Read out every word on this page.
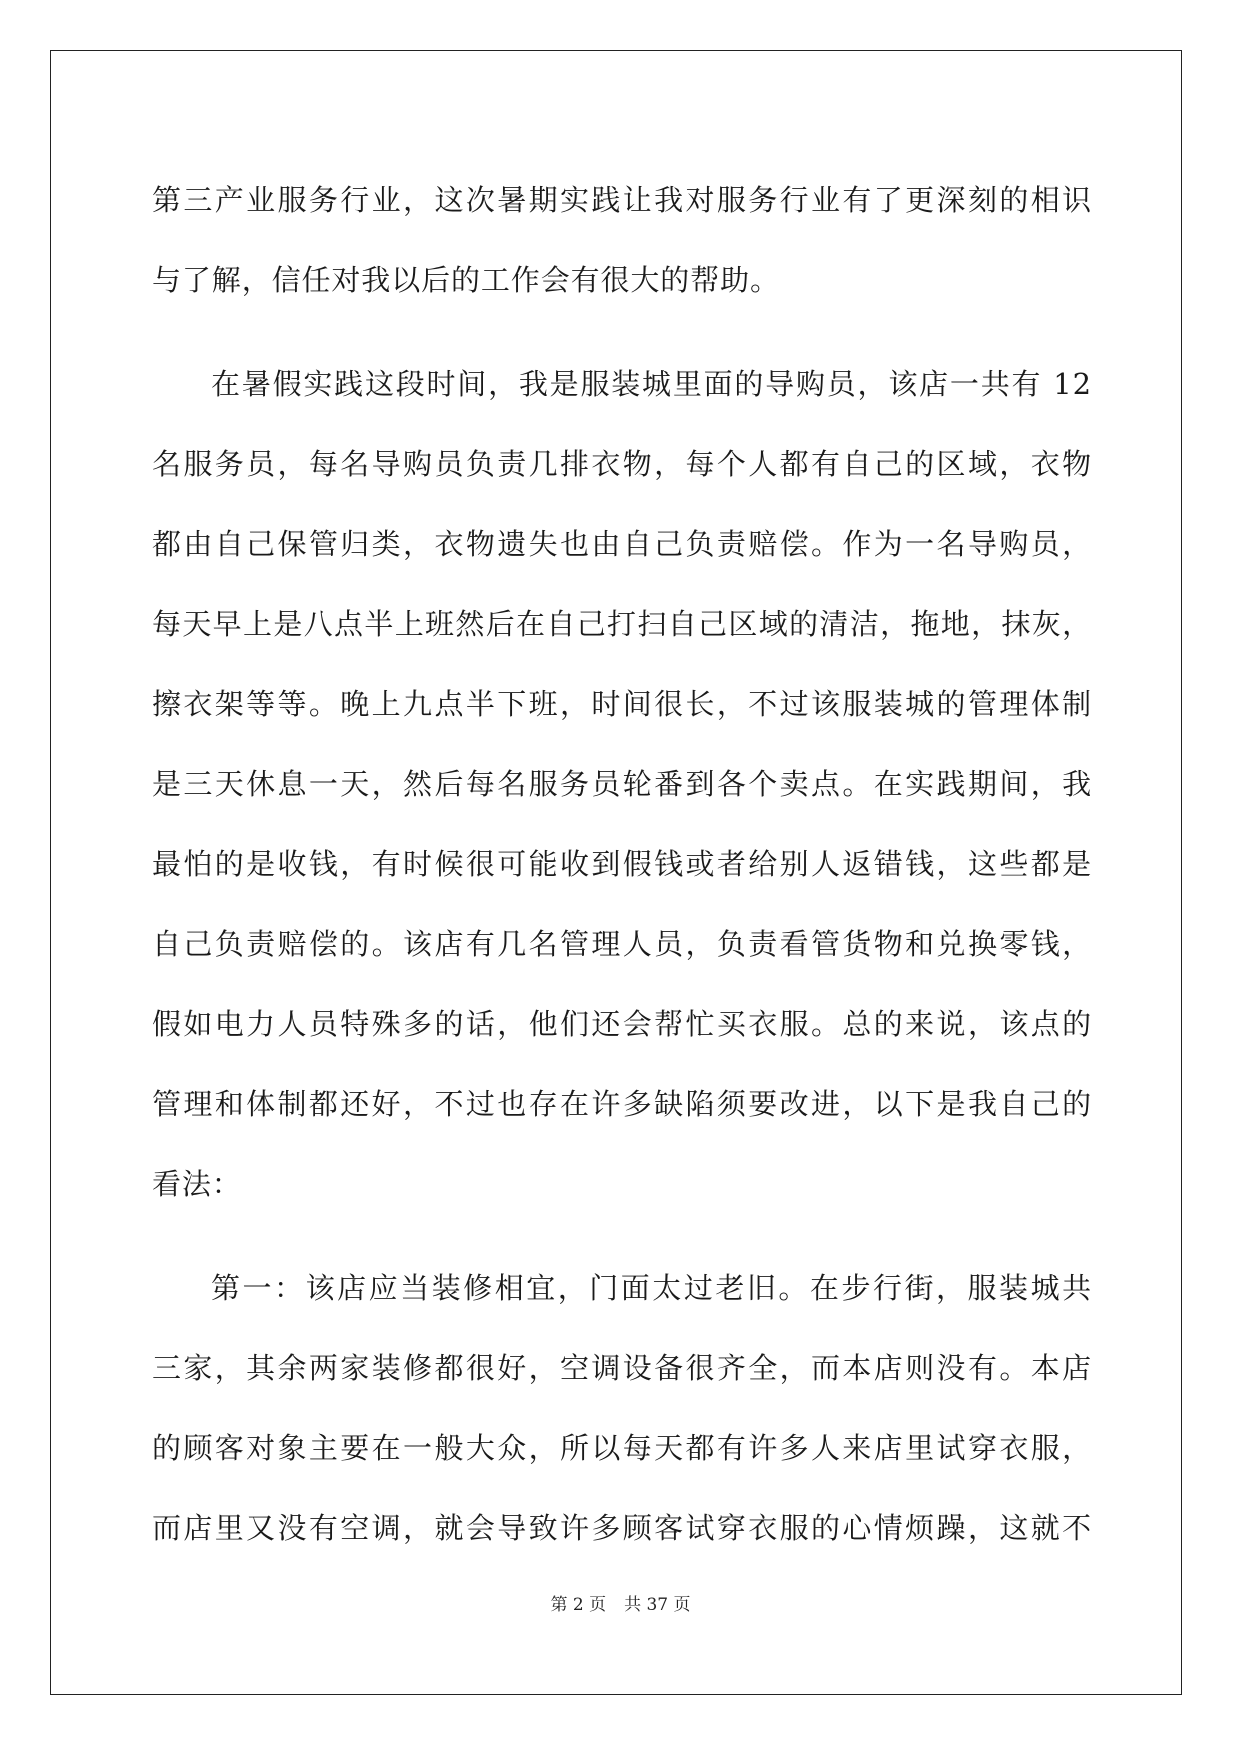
第三产业服务行业，这次暑期实践让我对服务行业有了更深刻的相识
与了解，信任对我以后的工作会有很大的帮助。
在暑假实践这段时间，我是服装城里面的导购员，该店一共有 12
名服务员，每名导购员负责几排衣物，每个人都有自己的区域，衣物
都由自己保管归类，衣物遗失也由自己负责赔偿。作为一名导购员，
每天早上是八点半上班然后在自己打扫自己区域的清洁，拖地，抹灰，
擦衣架等等。晚上九点半下班，时间很长，不过该服装城的管理体制
是三天休息一天，然后每名服务员轮番到各个卖点。在实践期间，我
最怕的是收钱，有时候很可能收到假钱或者给别人返错钱，这些都是
自己负责赔偿的。该店有几名管理人员，负责看管货物和兑换零钱，
假如电力人员特殊多的话，他们还会帮忙买衣服。总的来说，该点的
管理和体制都还好，不过也存在许多缺陷须要改进，以下是我自己的
看法：
第一：该店应当装修相宜，门面太过老旧。在步行街，服装城共
三家，其余两家装修都很好，空调设备很齐全，而本店则没有。本店
的顾客对象主要在一般大众，所以每天都有许多人来店里试穿衣服，
而店里又没有空调，就会导致许多顾客试穿衣服的心情烦躁，这就不
第 2 页 共 37 页
